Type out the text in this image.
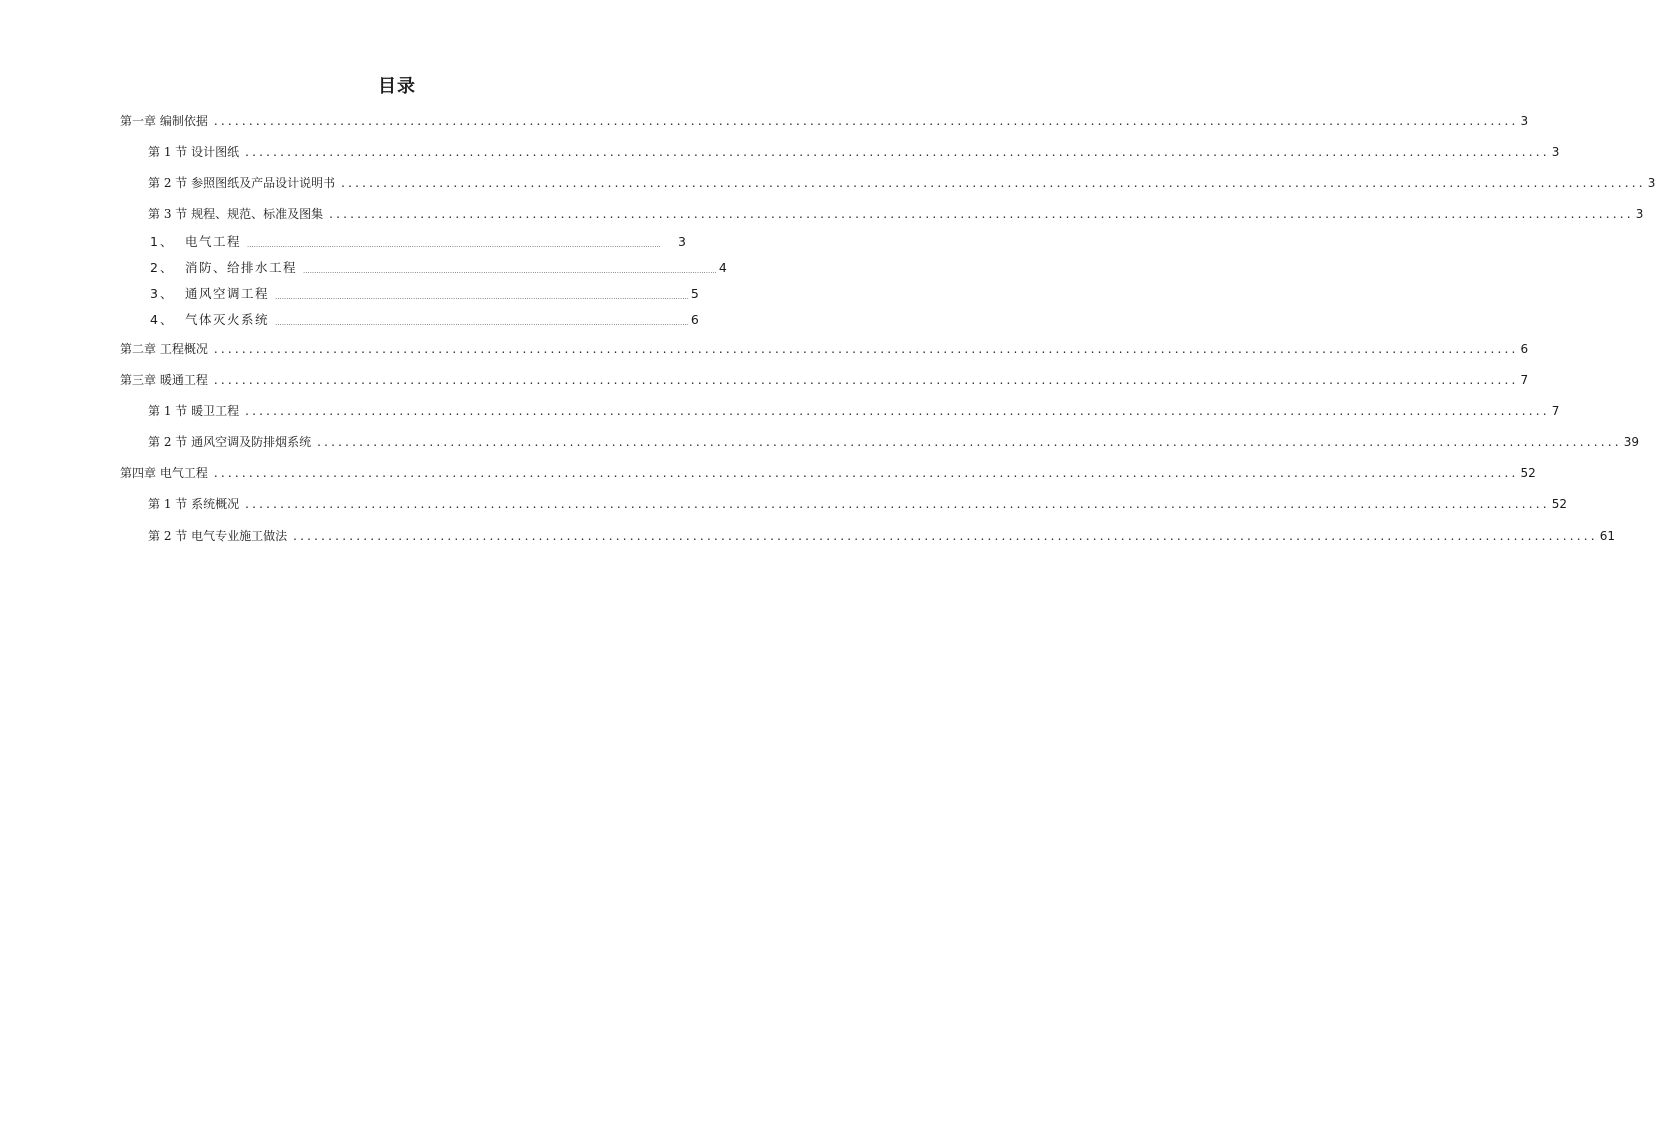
目录
第一章 编制依据 .......................................................................................................................................................................................... 3
第 1 节 设计图纸 .......................................................................................................................................................................................... 3
第 2 节 参照图纸及产品设计说明书 .......................................................................................................................................................................................... 3
第 3 节 规程、规范、标准及图集 .......................................................................................................................................................................................... 3
1、 电气工程 ..........................................................................................................................................................................................	3
2、 消防、给排水工程 .......................................................................................................................................................................................... 4
3、 通风空调工程 .......................................................................................................................................................................................... 5
4、 气体灭火系统 .......................................................................................................................................................................................... 6
第二章 工程概况 .......................................................................................................................................................................................... 6
第三章 暖通工程 .......................................................................................................................................................................................... 7
第 1 节 暖卫工程 .......................................................................................................................................................................................... 7
第 2 节 通风空调及防排烟系统 .......................................................................................................................................................................................... 39
第四章 电气工程 .......................................................................................................................................................................................... 52
第 1 节 系统概况 .......................................................................................................................................................................................... 52
第 2 节 电气专业施工做法 .......................................................................................................................................................................................... 61
